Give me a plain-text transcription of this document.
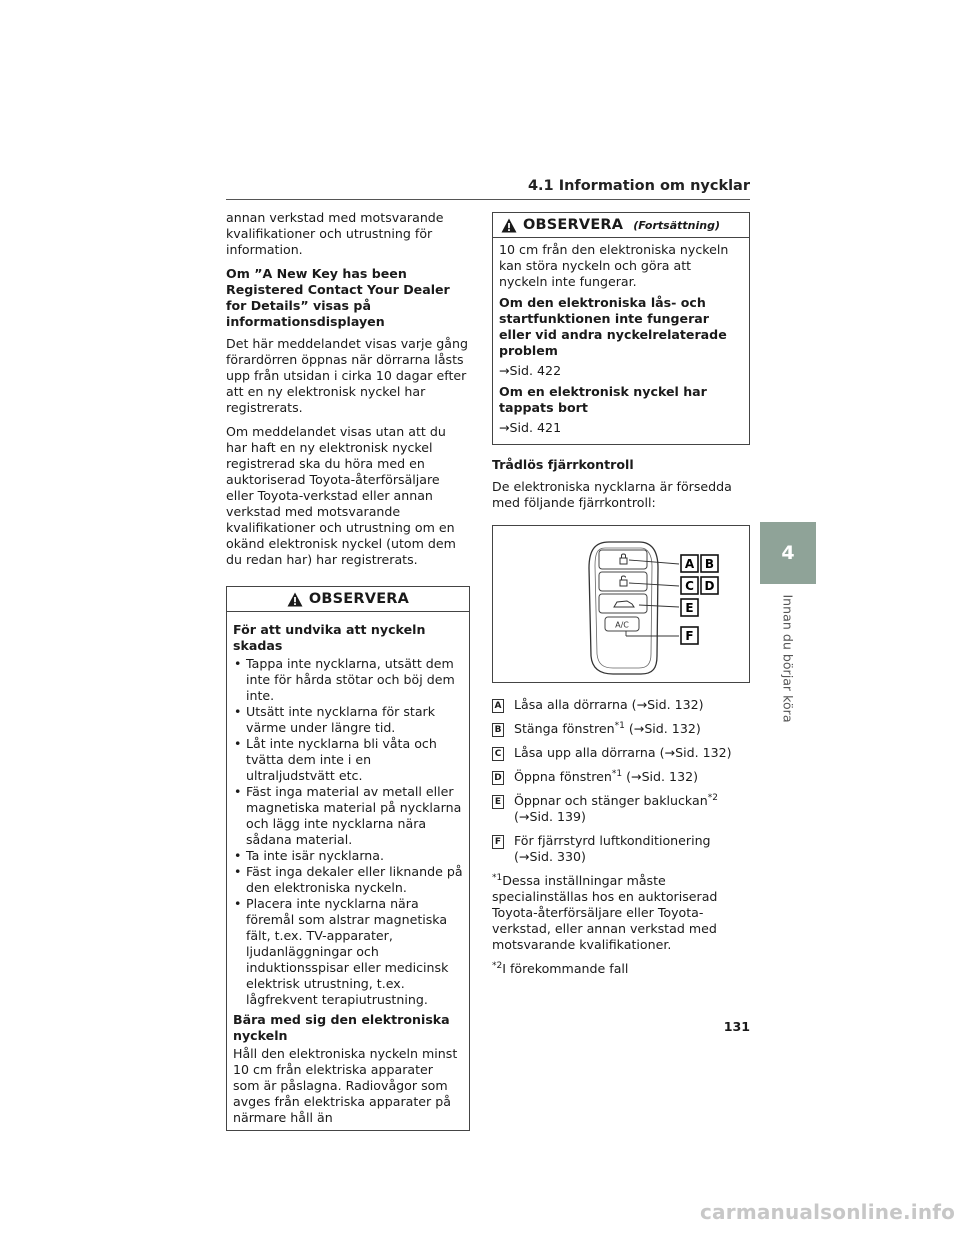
4.1 Information om nycklar

annan verkstad med motsvarande kvalifikationer och utrustning för information.

Om ”A New Key has been Registered Contact Your Dealer for Details” visas på informationsdisplayen

Det här meddelandet visas varje gång förardörren öppnas när dörrarna låsts upp från utsidan i cirka 10 dagar efter att en ny elektronisk nyckel har registrerats.

Om meddelandet visas utan att du har haft en ny elektronisk nyckel registrerad ska du höra med en auktoriserad Toyota-återförsäljare eller Toyota-verkstad eller annan verkstad med motsvarande kvalifikationer och utrustning om en okänd elektronisk nyckel (utom dem du redan har) har registrerats.

OBSERVERA

För att undvika att nyckeln skadas

• Tappa inte nycklarna, utsätt dem inte för hårda stötar och böj dem inte.
• Utsätt inte nycklarna för stark värme under längre tid.
• Låt inte nycklarna bli våta och tvätta dem inte i en ultraljudstvätt etc.
• Fäst inga material av metall eller magnetiska material på nycklarna och lägg inte nycklarna nära sådana material.
• Ta inte isär nycklarna.
• Fäst inga dekaler eller liknande på den elektroniska nyckeln.
• Placera inte nycklarna nära föremål som alstrar magnetiska fält, t.ex. TV-apparater, ljudanläggningar och induktionsspisar eller medicinsk elektrisk utrustning, t.ex. lågfrekvent terapiutrustning.

Bära med sig den elektroniska nyckeln

Håll den elektroniska nyckeln minst 10 cm från elektriska apparater som är påslagna. Radiovågor som avges från elektriska apparater på närmare håll än

OBSERVERA (Fortsättning)

10 cm från den elektroniska nyckeln kan störa nyckeln och göra att nyckeln inte fungerar.

Om den elektroniska lås- och startfunktionen inte fungerar eller vid andra nyckelrelaterade problem

→Sid. 422

Om en elektronisk nyckel har tappats bort

→Sid. 421

Trådlös fjärrkontroll

De elektroniska nycklarna är försedda med följande fjärrkontroll:

A/C
A B
C D
E
F
A Låsa alla dörrarna (→Sid. 132)
B Stänga fönstren$^{*1}$ (→Sid. 132)
C Låsa upp alla dörrarna (→Sid. 132)
D Öppna fönstren$^{*1}$ (→Sid. 132)
E Öppnar och stänger bakluckan$^{*2}$ (→Sid. 139)
F För fjärrstyrd luftkonditionering (→Sid. 330)

$^{*1}$Dessa inställningar måste specialinställas hos en auktoriserad Toyota-återförsäljare eller Toyota-verkstad, eller annan verkstad med motsvarande kvalifikationer.

$^{*2}$I förekommande fall

4
Innan du börjar köra
131
carmanualsonline.info
